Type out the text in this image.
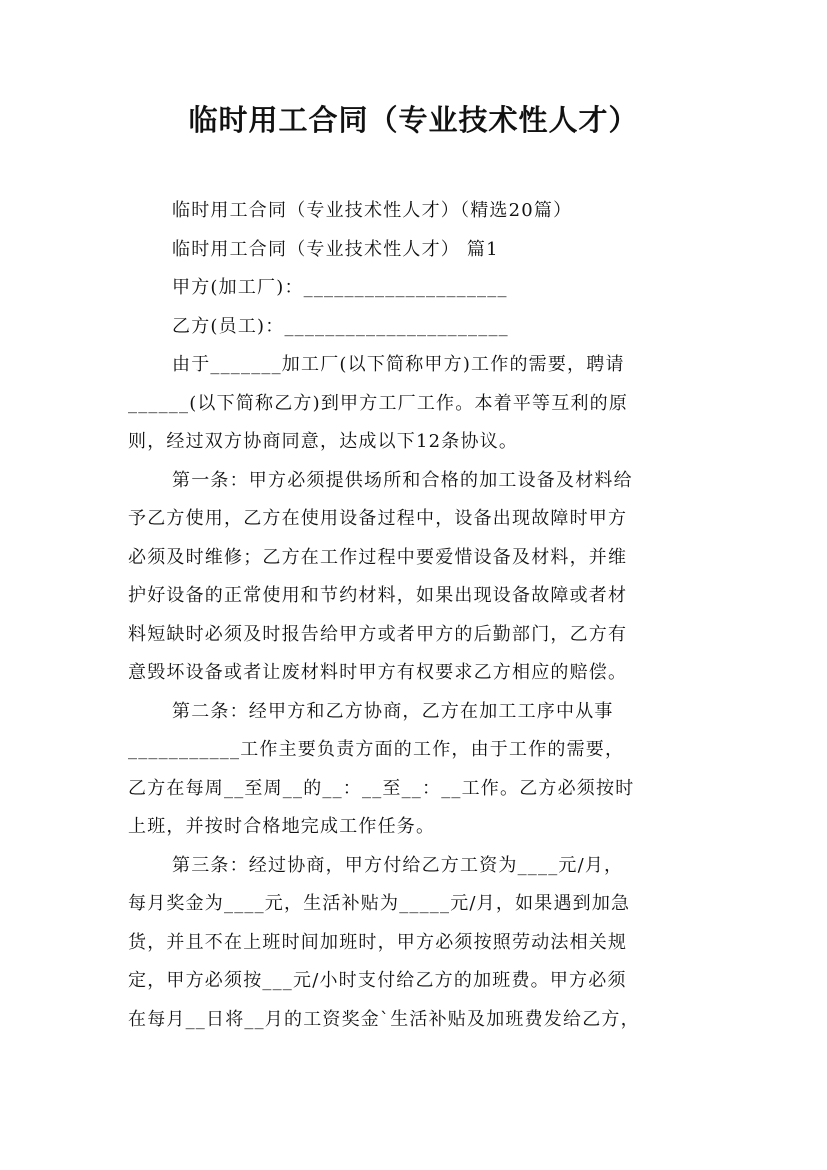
临时用工合同（专业技术性人才）
临时用工合同（专业技术性人才）（精选20篇）
临时用工合同（专业技术性人才） 篇1
甲方(加工厂)：____________________
乙方(员工)：______________________
由于_______加工厂(以下简称甲方)工作的需要，聘请
______(以下简称乙方)到甲方工厂工作。本着平等互利的原
则，经过双方协商同意，达成以下12条协议。
第一条：甲方必须提供场所和合格的加工设备及材料给
予乙方使用，乙方在使用设备过程中，设备出现故障时甲方
必须及时维修；乙方在工作过程中要爱惜设备及材料，并维
护好设备的正常使用和节约材料，如果出现设备故障或者材
料短缺时必须及时报告给甲方或者甲方的后勤部门，乙方有
意毁坏设备或者让废材料时甲方有权要求乙方相应的赔偿。
第二条：经甲方和乙方协商，乙方在加工工序中从事
___________工作主要负责方面的工作，由于工作的需要，
乙方在每周__至周__的__：__至__：__工作。乙方必须按时
上班，并按时合格地完成工作任务。
第三条：经过协商，甲方付给乙方工资为____元/月，
每月奖金为____元，生活补贴为_____元/月，如果遇到加急
货，并且不在上班时间加班时，甲方必须按照劳动法相关规
定，甲方必须按___元/小时支付给乙方的加班费。甲方必须
在每月__日将__月的工资奖金`生活补贴及加班费发给乙方，
